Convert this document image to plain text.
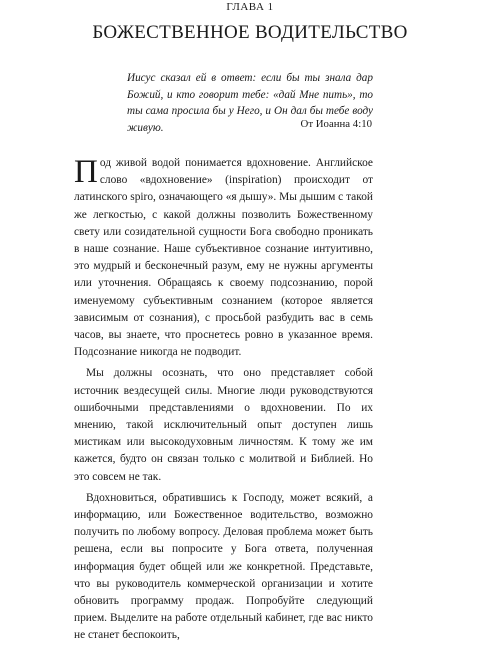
ГЛАВА 1
БОЖЕСТВЕННОЕ ВОДИТЕЛЬСТВО
Иисус сказал ей в ответ: если бы ты знала дар Божий, и кто говорит тебе: «дай Мне пить», то ты сама просила бы у Него, и Он дал бы тебе воду живую.	От Иоанна 4:10

Под живой водой понимается вдохновение. Английское слово «вдохновение» (inspiration) происходит от латинского spiro, означающего «я дышу». Мы дышим с такой же легкостью, с какой должны позволить Божественному свету или созидательной сущности Бога свободно проникать в наше сознание. Наше субъективное сознание интуитивно, это мудрый и бесконечный разум, ему не нужны аргументы или уточнения. Обращаясь к своему подсознанию, порой именуемому субъективным сознанием (которое является зависимым от сознания), с просьбой разбудить вас в семь часов, вы знаете, что проснетесь ровно в указанное время. Подсознание никогда не подводит.

Мы должны осознать, что оно представляет собой источник вездесущей силы. Многие люди руководствуются ошибочными представлениями о вдохновении. По их мнению, такой исключительный опыт доступен лишь мистикам или высокодуховным личностям. К тому же им кажется, будто он связан только с молитвой и Библией. Но это совсем не так.

Вдохновиться, обратившись к Господу, может всякий, а информацию, или Божественное водительство, возможно получить по любому вопросу. Деловая проблема может быть решена, если вы попросите у Бога ответа, полученная информация будет общей или же конкретной. Представьте, что вы руководитель коммерческой организации и хотите обновить программу продаж. Попробуйте следующий прием. Выделите на работе отдельный кабинет, где вас никто не станет беспокоить,
